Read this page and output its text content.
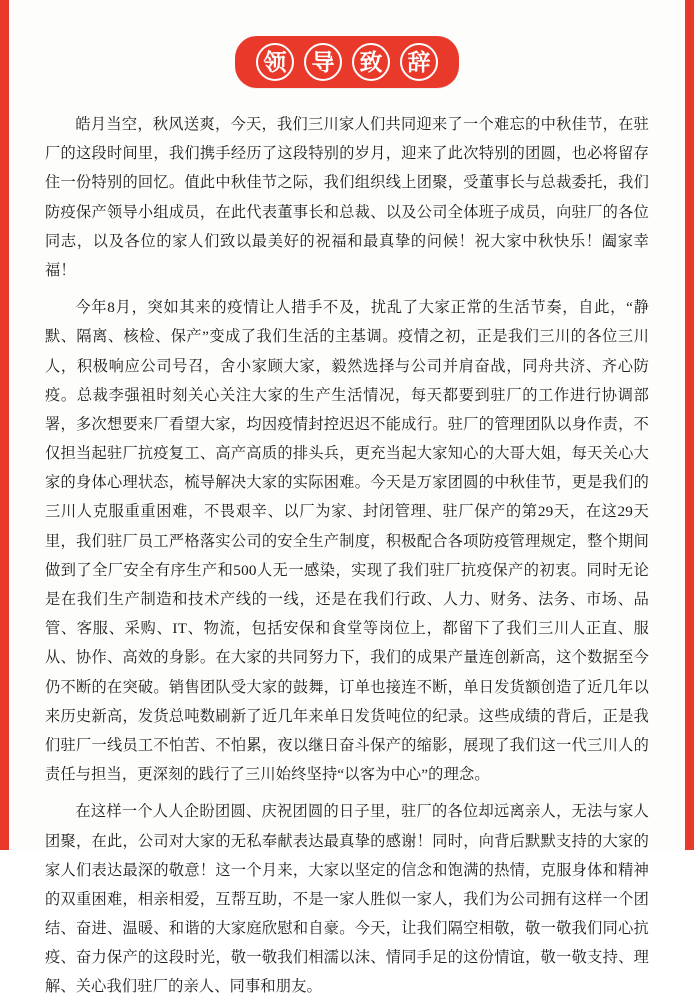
领	导	致	辞

皓月当空，秋风送爽，今天，我们三川家人们共同迎来了一个难忘的中秋佳节，在驻厂的这段时间里，我们携手经历了这段特别的岁月，迎来了此次特别的团圆，也必将留存住一份特别的回忆。值此中秋佳节之际，我们组织线上团聚，受董事长与总裁委托，我们防疫保产领导小组成员，在此代表董事长和总裁、以及公司全体班子成员，向驻厂的各位同志，以及各位的家人们致以最美好的祝福和最真挚的问候！祝大家中秋快乐！阖家幸福！

今年8月，突如其来的疫情让人措手不及，扰乱了大家正常的生活节奏，自此，“静默、隔离、核检、保产”变成了我们生活的主基调。疫情之初，正是我们三川的各位三川人，积极响应公司号召，舍小家顾大家，毅然选择与公司并肩奋战，同舟共济、齐心防疫。总裁李强祖时刻关心关注大家的生产生活情况，每天都要到驻厂的工作进行协调部署，多次想要来厂看望大家，均因疫情封控迟迟不能成行。驻厂的管理团队以身作责，不仅担当起驻厂抗疫复工、高产高质的排头兵，更充当起大家知心的大哥大姐，每天关心大家的身体心理状态，梳导解决大家的实际困难。今天是万家团圆的中秋佳节，更是我们的三川人克服重重困难，不畏艰辛、以厂为家、封闭管理、驻厂保产的第29天，在这29天里，我们驻厂员工严格落实公司的安全生产制度，积极配合各项防疫管理规定，整个期间做到了全厂安全有序生产和500人无一感染，实现了我们驻厂抗疫保产的初衷。同时无论是在我们生产制造和技术产线的一线，还是在我们行政、人力、财务、法务、市场、品管、客服、采购、IT、物流，包括安保和食堂等岗位上，都留下了我们三川人正直、服从、协作、高效的身影。在大家的共同努力下，我们的成果产量连创新高，这个数据至今仍不断的在突破。销售团队受大家的鼓舞，订单也接连不断，单日发货额创造了近几年以来历史新高，发货总吨数刷新了近几年来单日发货吨位的纪录。这些成绩的背后，正是我们驻厂一线员工不怕苦、不怕累，夜以继日奋斗保产的缩影，展现了我们这一代三川人的责任与担当，更深刻的践行了三川始终坚持“以客为中心”的理念。

在这样一个人人企盼团圆、庆祝团圆的日子里，驻厂的各位却远离亲人，无法与家人团聚，在此，公司对大家的无私奉献表达最真挚的感谢！同时，向背后默默支持的大家的家人们表达最深的敬意！这一个月来，大家以坚定的信念和饱满的热情，克服身体和精神的双重困难，相亲相爱，互帮互助，不是一家人胜似一家人，我们为公司拥有这样一个团结、奋进、温暖、和谐的大家庭欣慰和自豪。今天，让我们隔空相敬，敬一敬我们同心抗疫、奋力保产的这段时光，敬一敬我们相濡以沫、情同手足的这份情谊，敬一敬支持、理解、关心我们驻厂的亲人、同事和朋友。
